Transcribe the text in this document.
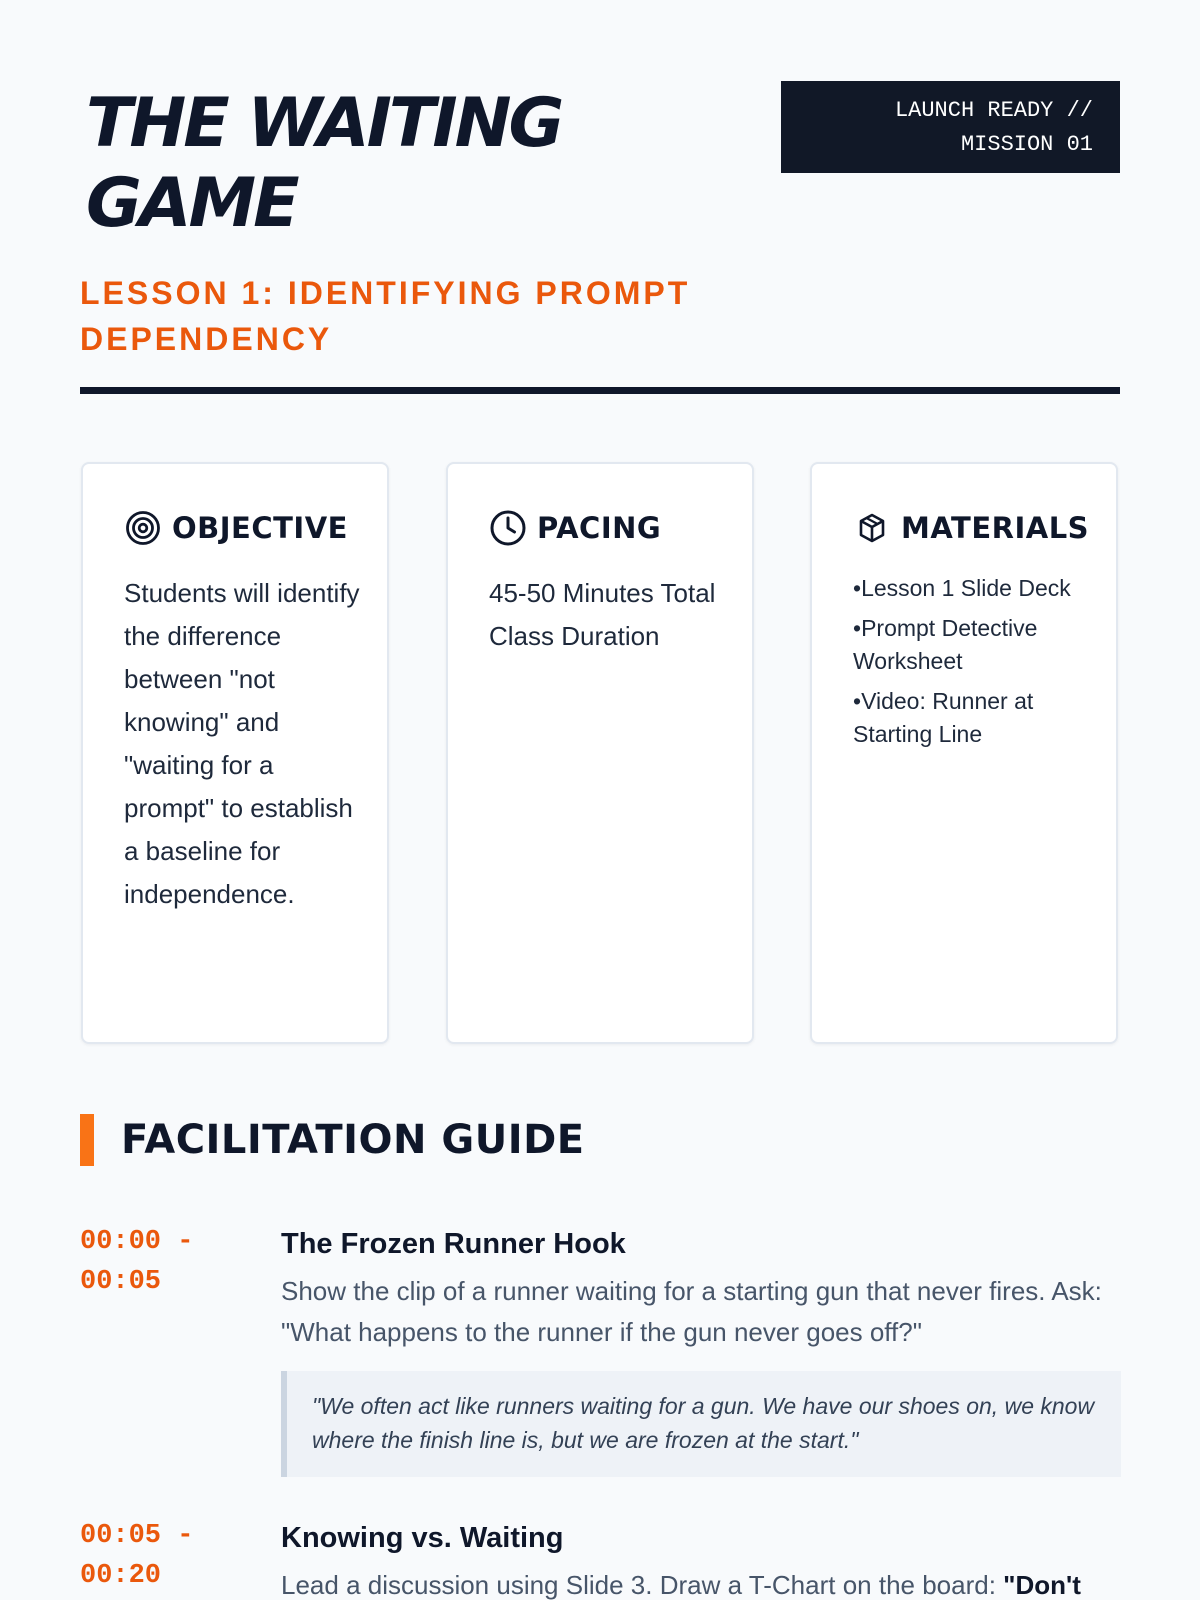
THE WAITING GAME
LESSON 1: IDENTIFYING PROMPT DEPENDENCY
LAUNCH READY //
MISSION 01
OBJECTIVE
Students will identify the difference between "not knowing" and "waiting for a prompt" to establish a baseline for independence.
PACING
45-50 Minutes Total Class Duration
MATERIALS
• Lesson 1 Slide Deck
• Prompt Detective Worksheet
• Video: Runner at Starting Line
FACILITATION GUIDE
00:00 -
00:05
The Frozen Runner Hook
Show the clip of a runner waiting for a starting gun that never fires. Ask: "What happens to the runner if the gun never goes off?"
"We often act like runners waiting for a gun. We have our shoes on, we know where the finish line is, but we are frozen at the start."
00:05 -
00:20
Knowing vs. Waiting
Lead a discussion using Slide 3. Draw a T-Chart on the board: "Don't
